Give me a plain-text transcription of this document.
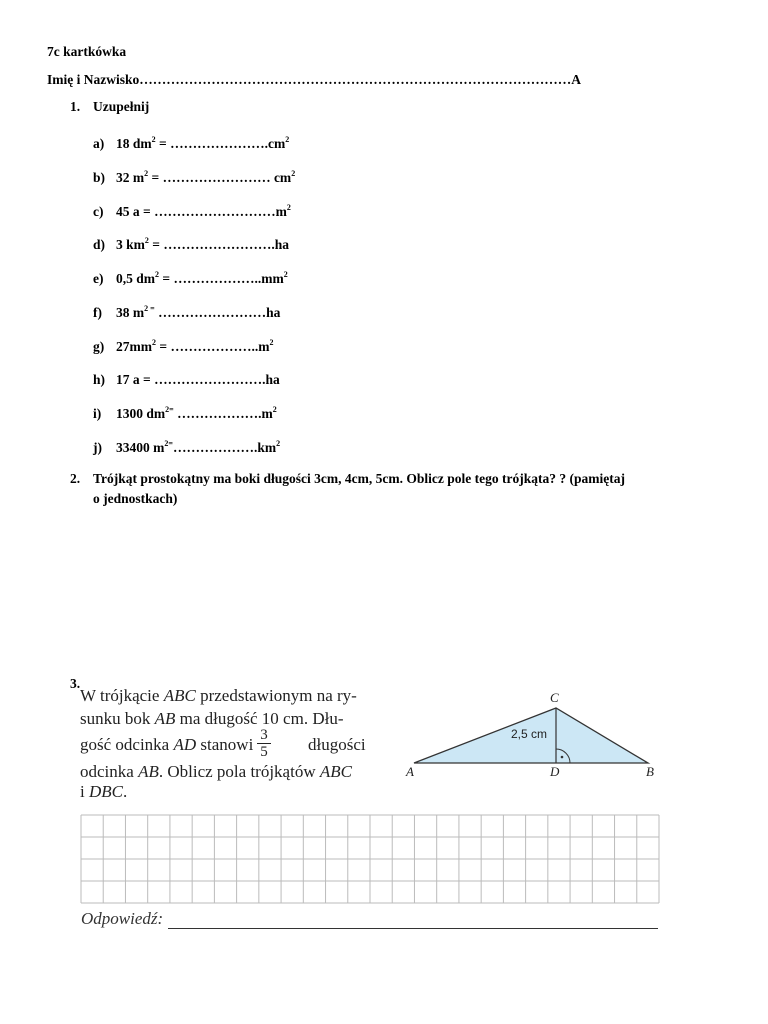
7c kartkówka
Imię i Nazwisko……………………………………………………………………………………A
1. Uzupełnij
a) 18 $dm^2$ = $\dots\dots\dots\dots\dots\dots\dots.cm^2$
b) 32 $m^2$ = …………………… $cm^2$
c) 45 $a = \dots\dots\dots\dots\dots\dots\dots\dots\dots m^2$
d) 3 $km^2$ = …………………….ha
e) 0,5 $dm^2$ = $\dots\dots\dots\dots\dots\dots..mm^2$
f) 38 $m^{2 =}$ ……………………ha
g) $27mm^2$ = $\dots\dots\dots\dots\dots\dots..m^2$
h) 17 a = …………………….ha
i) 1300 $dm^{2=}$ $\dots\dots\dots\dots\dots\dots.m^2$
j) 33400 $m^{2=}\dots\dots\dots\dots\dots\dots.km^2$
2. Trójkąt prostokątny ma boki długości 3cm, 4cm, 5cm. Oblicz pole tego trójkąta? ? (pamiętaj
o jednostkach)
3.
W trójkącie ABC przedstawionym na ry-
sunku bok AB ma długość 10 cm. Dłu-
gość odcinka AD stanowi $\frac{3}{5}$ długości
odcinka AB. Oblicz pola trójkątów ABC
i DBC.
C
A	D	B
2,5 cm
Odpowiedź:
